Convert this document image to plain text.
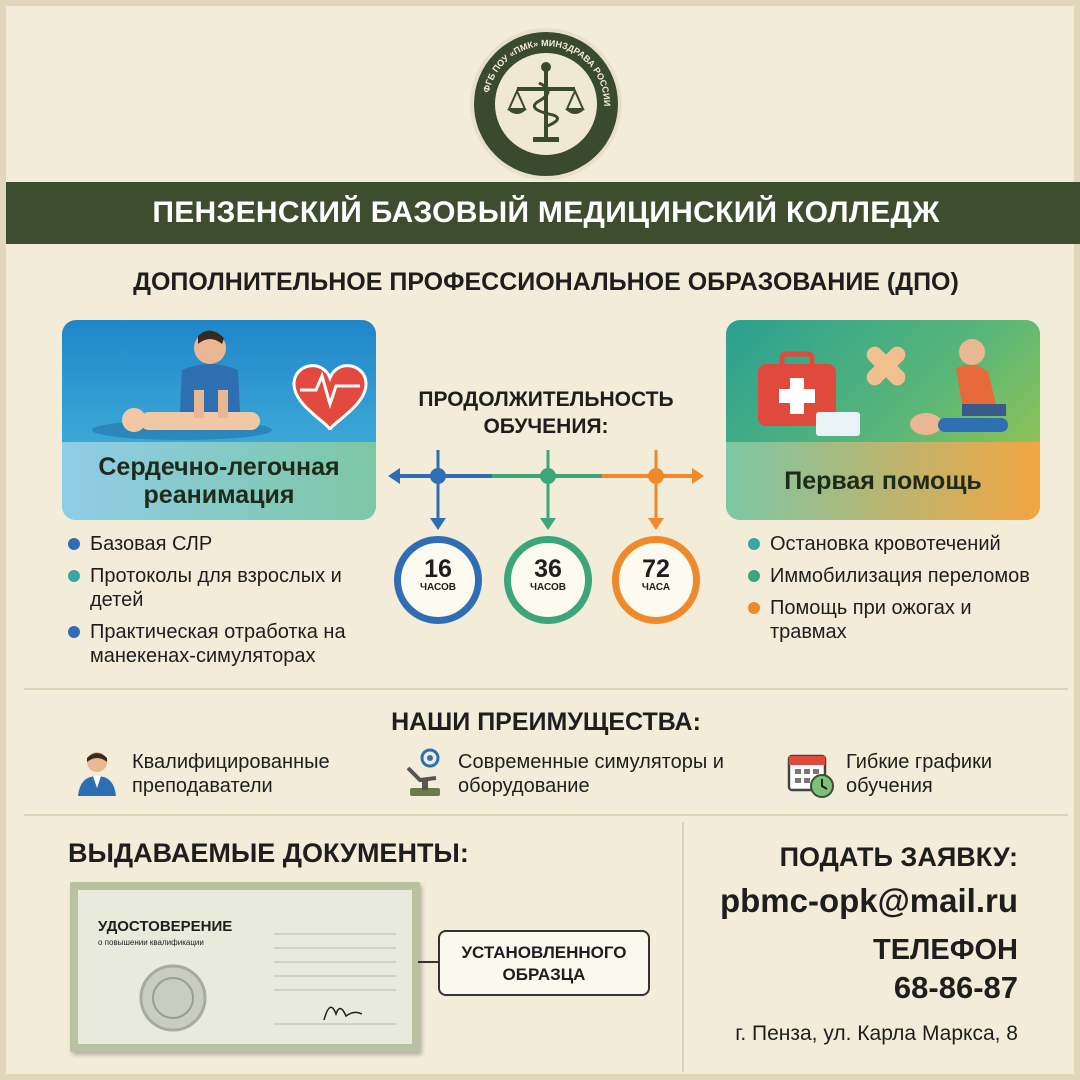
ФГБ ПОУ «ПМК» МИНЗДРАВА РОССИИ
ПЕНЗЕНСКИЙ БАЗОВЫЙ МЕДИЦИНСКИЙ КОЛЛЕДЖ
ДОПОЛНИТЕЛЬНОЕ ПРОФЕССИОНАЛЬНОЕ ОБРАЗОВАНИЕ (ДПО)
Сердечно-легочная реанимация
Базовая СЛР
Протоколы для взрослых и детей
Практическая отработка на манекенах-симуляторах
Первая помощь
Остановка кровотечений
Иммобилизация переломов
Помощь при ожогах и травмах
ПРОДОЛЖИТЕЛЬНОСТЬ ОБУЧЕНИЯ:
16
ЧАСОВ
36
ЧАСОВ
72
ЧАСА
НАШИ ПРЕИМУЩЕСТВА:
Квалифицированные преподаватели
Современные симуляторы и оборудование
Гибкие графики обучения
ВЫДАВАЕМЫЕ ДОКУМЕНТЫ:
УДОСТОВЕРЕНИЕ
о повышении квалификации
УСТАНОВЛЕННОГО ОБРАЗЦА
ПОДАТЬ ЗАЯВКУ:
pbmc-opk@mail.ru
ТЕЛЕФОН
68-86-87
г. Пенза, ул. Карла Маркса, 8
